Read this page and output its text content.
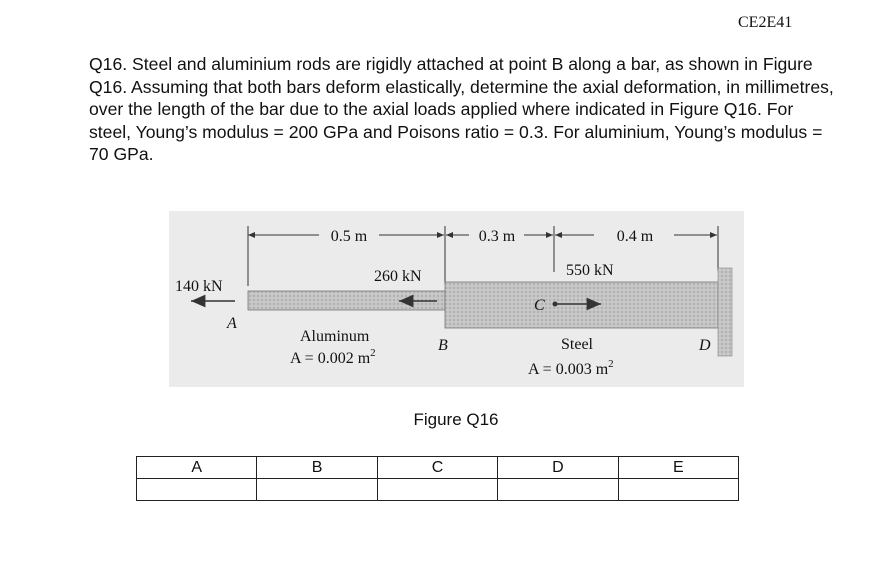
CE2E41

Q16. Steel and aluminium rods are rigidly attached at point B along a bar, as shown in Figure Q16. Assuming that both bars deform elastically, determine the axial deformation, in millimetres, over the length of the bar due to the axial loads applied where indicated in Figure Q16. For steel, Young’s modulus = 200 GPa and Poisons ratio = 0.3. For aluminium, Young’s modulus = 70 GPa.

0.5 m	0.3 m	0.4 m
140 kN
A
260 kN
B
550 kN
C
D
Aluminum
A = 0.002 $m^2$	Steel
A = 0.003 $m^2$
Figure Q16
A	B	C	D	E
